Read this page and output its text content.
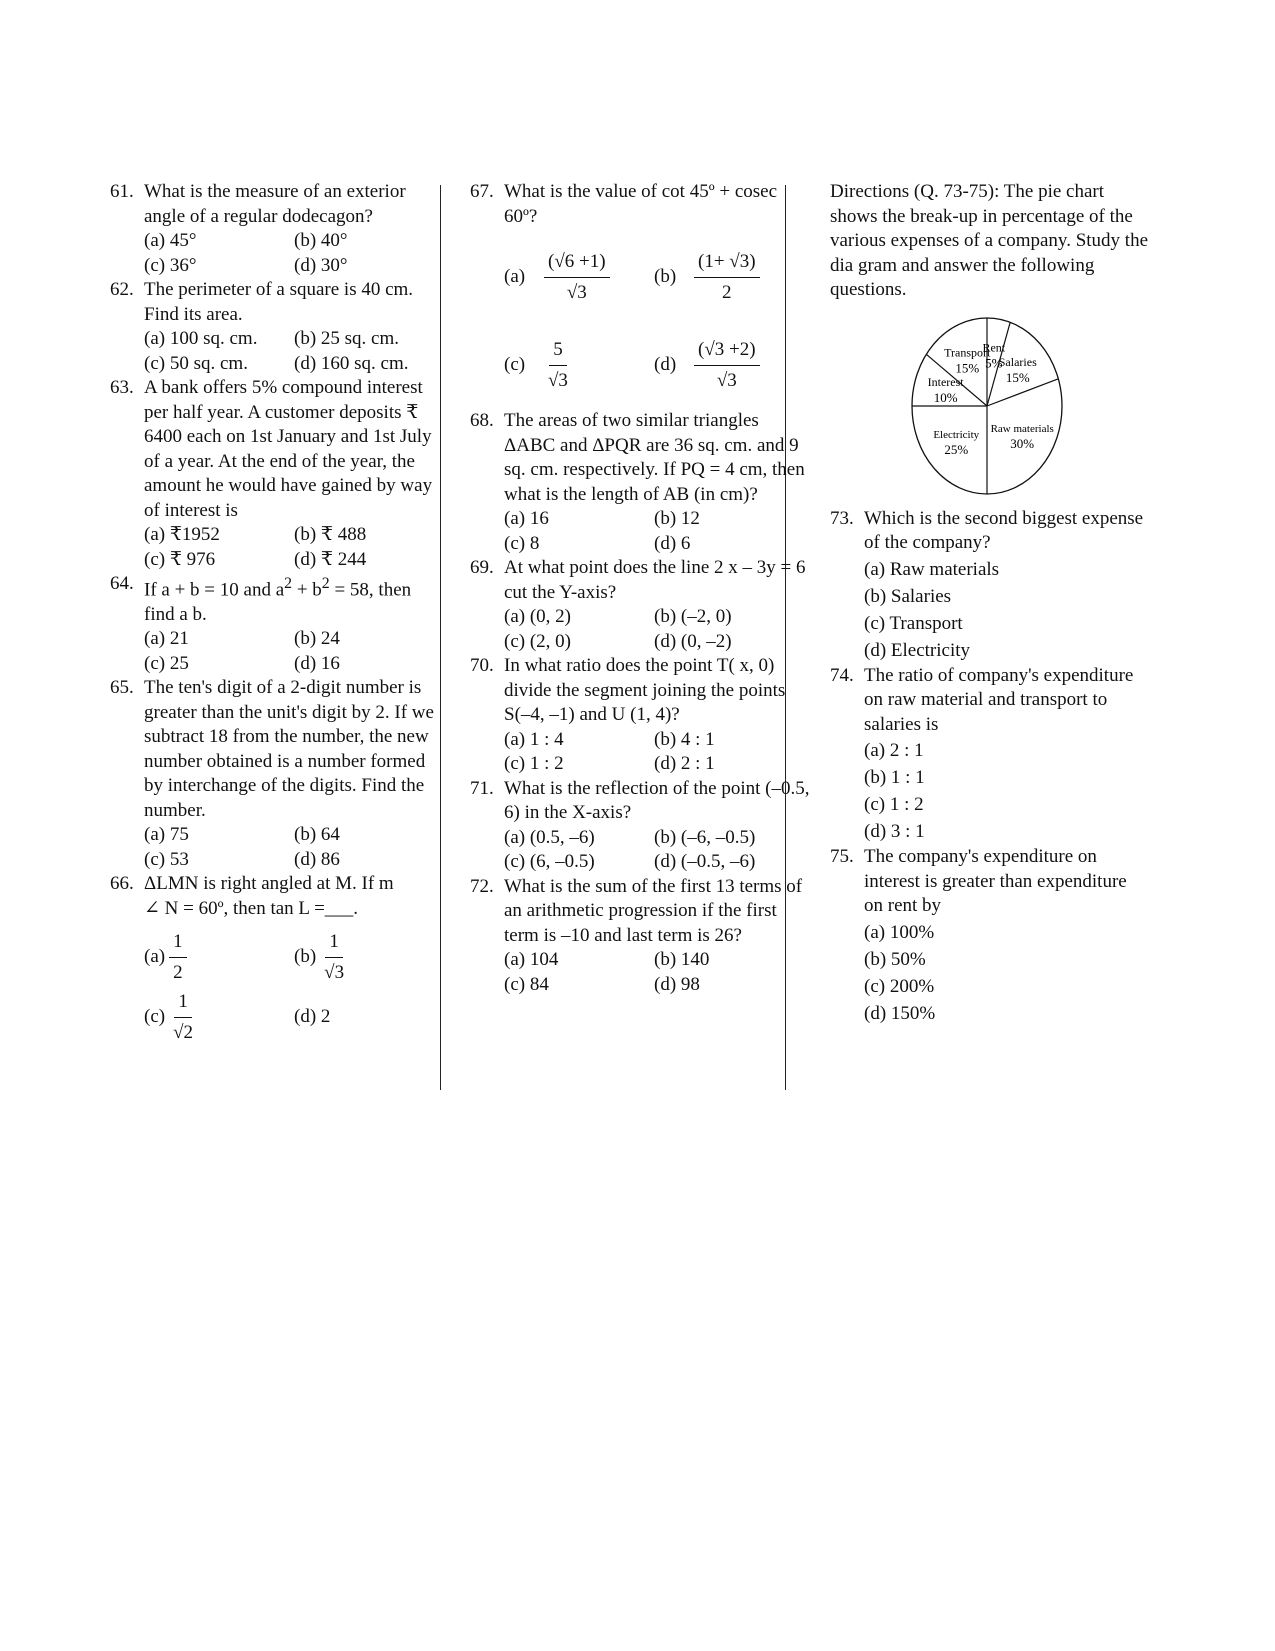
61. What is the measure of an exterior angle of a regular dodecagon?
(a) 45°	(b) 40°
(c) 36°	(d) 30°
62. The perimeter of a square is 40 cm. Find its area.
(a) 100 sq. cm.	(b) 25 sq. cm.
(c) 50 sq. cm.	(d) 160 sq. cm.
63. A bank offers 5% compound interest per half year. A customer deposits ₹ 6400 each on 1st January and 1st July of a year. At the end of the year, the amount he would have gained by way of interest is
(a) ₹1952	(b) ₹ 488
(c) ₹ 976	(d) ₹ 244
64. If a + b = 10 and $a^2 + b^2 = 58$, then find a b.
(a) 21	(b) 24
(c) 25	(d) 16
65. The ten's digit of a 2-digit number is greater than the unit's digit by 2. If we subtract 18 from the number, the new number obtained is a number formed by interchange of the digits. Find the number.
(a) 75	(b) 64
(c) 53	(d) 86
66. ΔLMN is right angled at M. If m
∠ N = 60º, then tan L =___.
$(a) \frac{1}{2}$	$(b) \frac{1}{√3}$
$(c) \frac{1}{√2}$	(d) 2
67. What is the value of cot 45º + cosec 60º?
$(a) \frac{(√6 +1)}{√3} (b) \frac{(1+ √3)}{2}$
$(c) \frac{5}{√3}$	$(d) \frac{(√3 +2)}{√3}$
68. The areas of two similar triangles ΔABC and ΔPQR are 36 sq. cm. and 9 sq. cm. respectively. If PQ = 4 cm, then what is the length of AB (in cm)?
(a) 16	(b) 12
(c) 8	(d) 6
69. At what point does the line 2 x – 3y = 6 cut the Y-axis?
(a) (0, 2)	(b) (–2, 0)
(c) (2, 0)	(d) (0, –2)
70. In what ratio does the point T( x, 0) divide the segment joining the points S(–4, –1) and U (1, 4)?
(a) 1 : 4	(b) 4 : 1
(c) 1 : 2	(d) 2 : 1
71. What is the reflection of the point (–0.5, 6) in the X-axis?
(a) (0.5, –6)	(b) (–6, –0.5)
(c) (6, –0.5)	(d) (–0.5, –6)
72. What is the sum of the first 13 terms of an arithmetic progression if the first term is –10 and last term is 26?
(a) 104	(b) 140
(c) 84	(d) 98
Directions (Q. 73-75): The pie chart shows the break-up in percentage of the various expenses of a company. Study the dia gram and answer the following questions.
Rent
5%
Salaries
15%
Raw materials
30%
Electricity
25%
Interest
10%
Transport
15%
73. Which is the second biggest expense of the company?
(a) Raw materials
(b) Salaries
(c) Transport
(d) Electricity
74. The ratio of company's expenditure on raw material and transport to salaries is
(a) 2 : 1
(b) 1 : 1
(c) 1 : 2
(d) 3 : 1
75. The company's expenditure on interest is greater than expenditure on rent by
(a) 100%
(b) 50%
(c) 200%
(d) 150%
